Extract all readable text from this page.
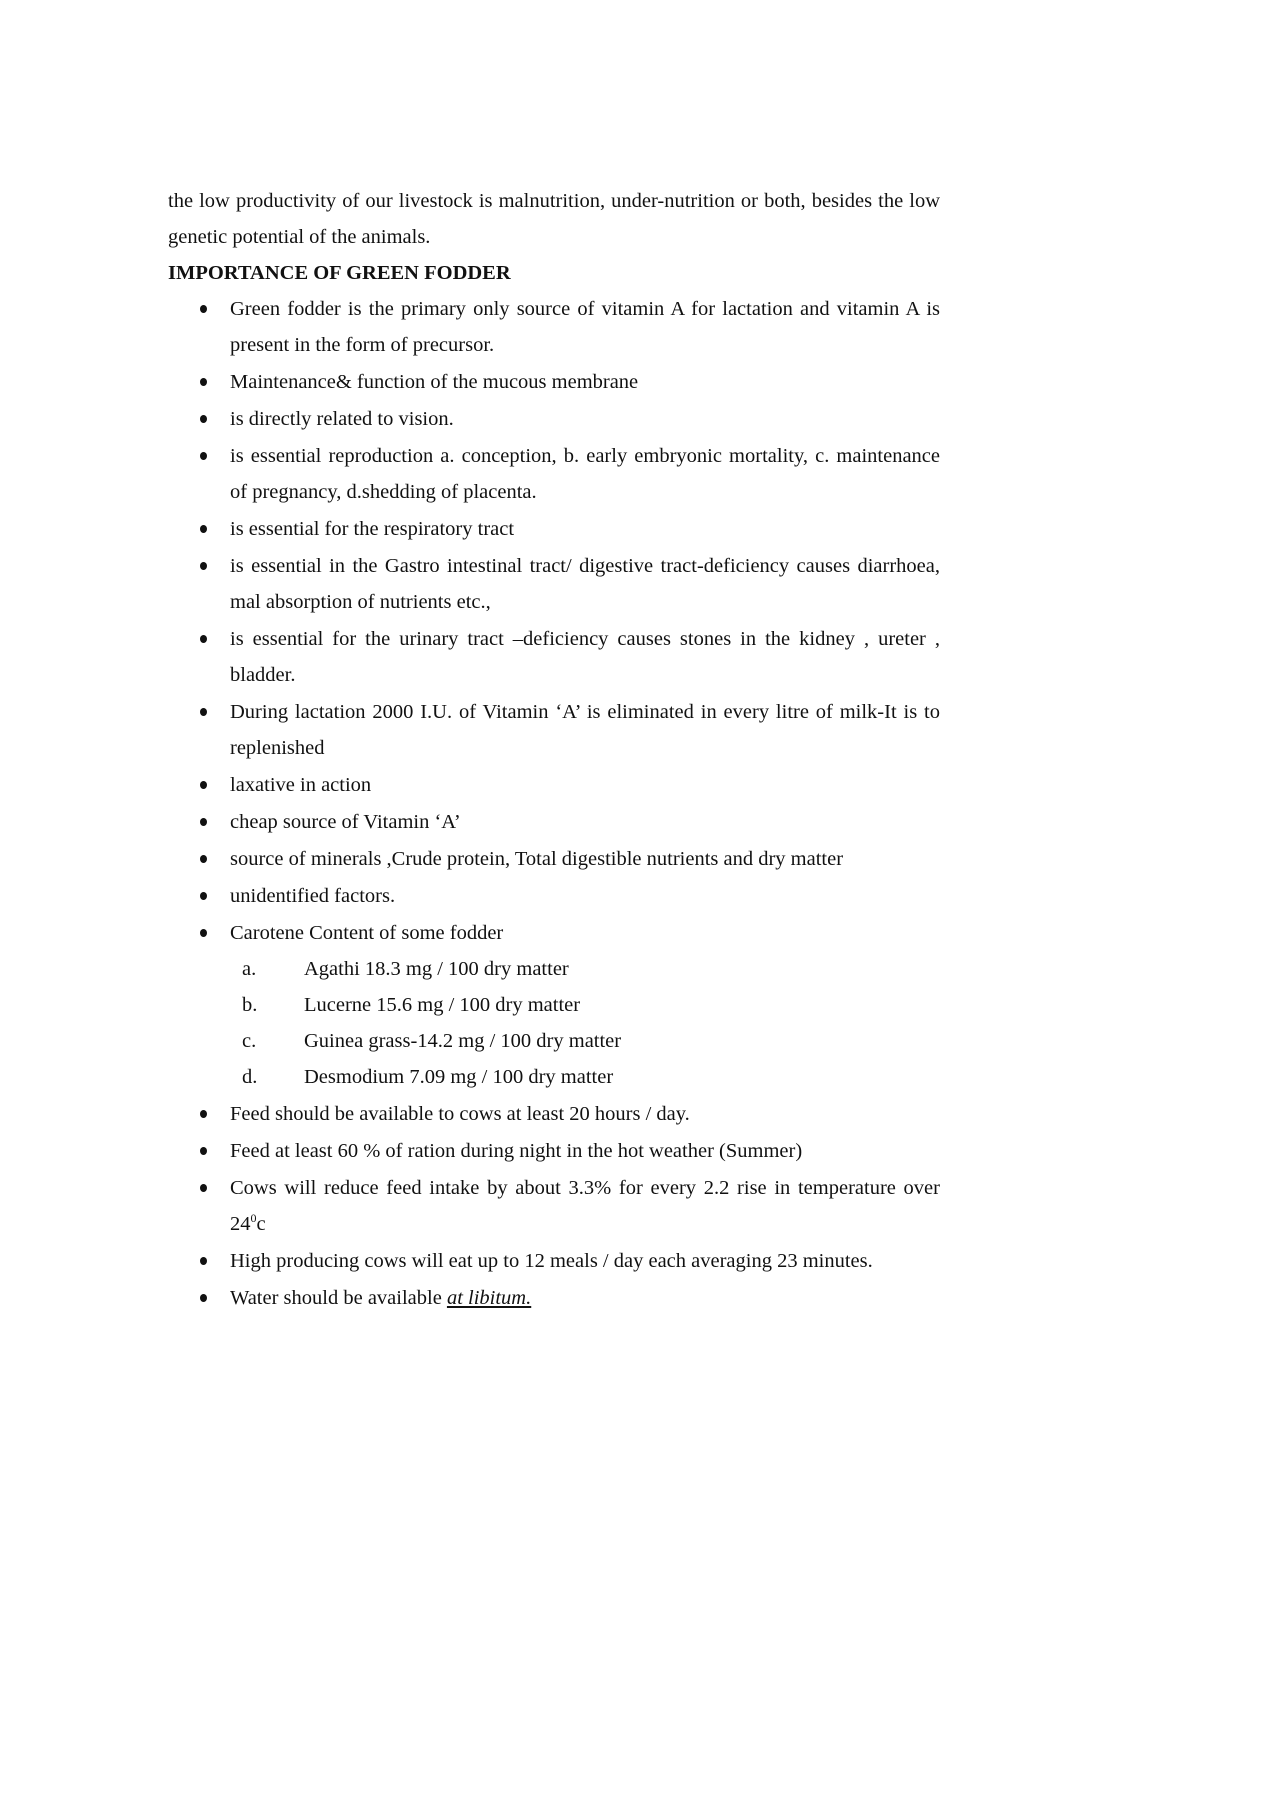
the low productivity of our livestock is malnutrition, under-nutrition or both, besides the low genetic potential of the animals.

IMPORTANCE OF GREEN FODDER

Green fodder is the primary only source of vitamin A for lactation and vitamin A is present in the form of precursor.
Maintenance& function of the mucous membrane
is directly related to vision.
is essential reproduction a. conception, b. early embryonic mortality, c. maintenance of pregnancy, d.shedding of placenta.
is essential for the respiratory tract
is essential in the Gastro intestinal tract/ digestive tract-deficiency causes diarrhoea, mal absorption of nutrients etc.,
is essential for the urinary tract –deficiency causes stones in the kidney , ureter , bladder.
During lactation 2000 I.U. of Vitamin ‘A’ is eliminated in every litre of milk-It is to replenished
laxative in action
cheap source of Vitamin ‘A’
source of minerals ,Crude protein, Total digestible nutrients and dry matter
unidentified factors.
Carotene Content of some fodder
a. Agathi 18.3 mg / 100 dry matter
b. Lucerne 15.6 mg / 100 dry matter
c. Guinea grass-14.2 mg / 100 dry matter
d. Desmodium 7.09 mg / 100 dry matter
Feed should be available to cows at least 20 hours / day.
Feed at least 60 % of ration during night in the hot weather (Summer)
Cows will reduce feed intake by about 3.3% for every 2.2 rise in temperature over $24^0c$
High producing cows will eat up to 12 meals / day each averaging 23 minutes.
Water should be available at libitum.
